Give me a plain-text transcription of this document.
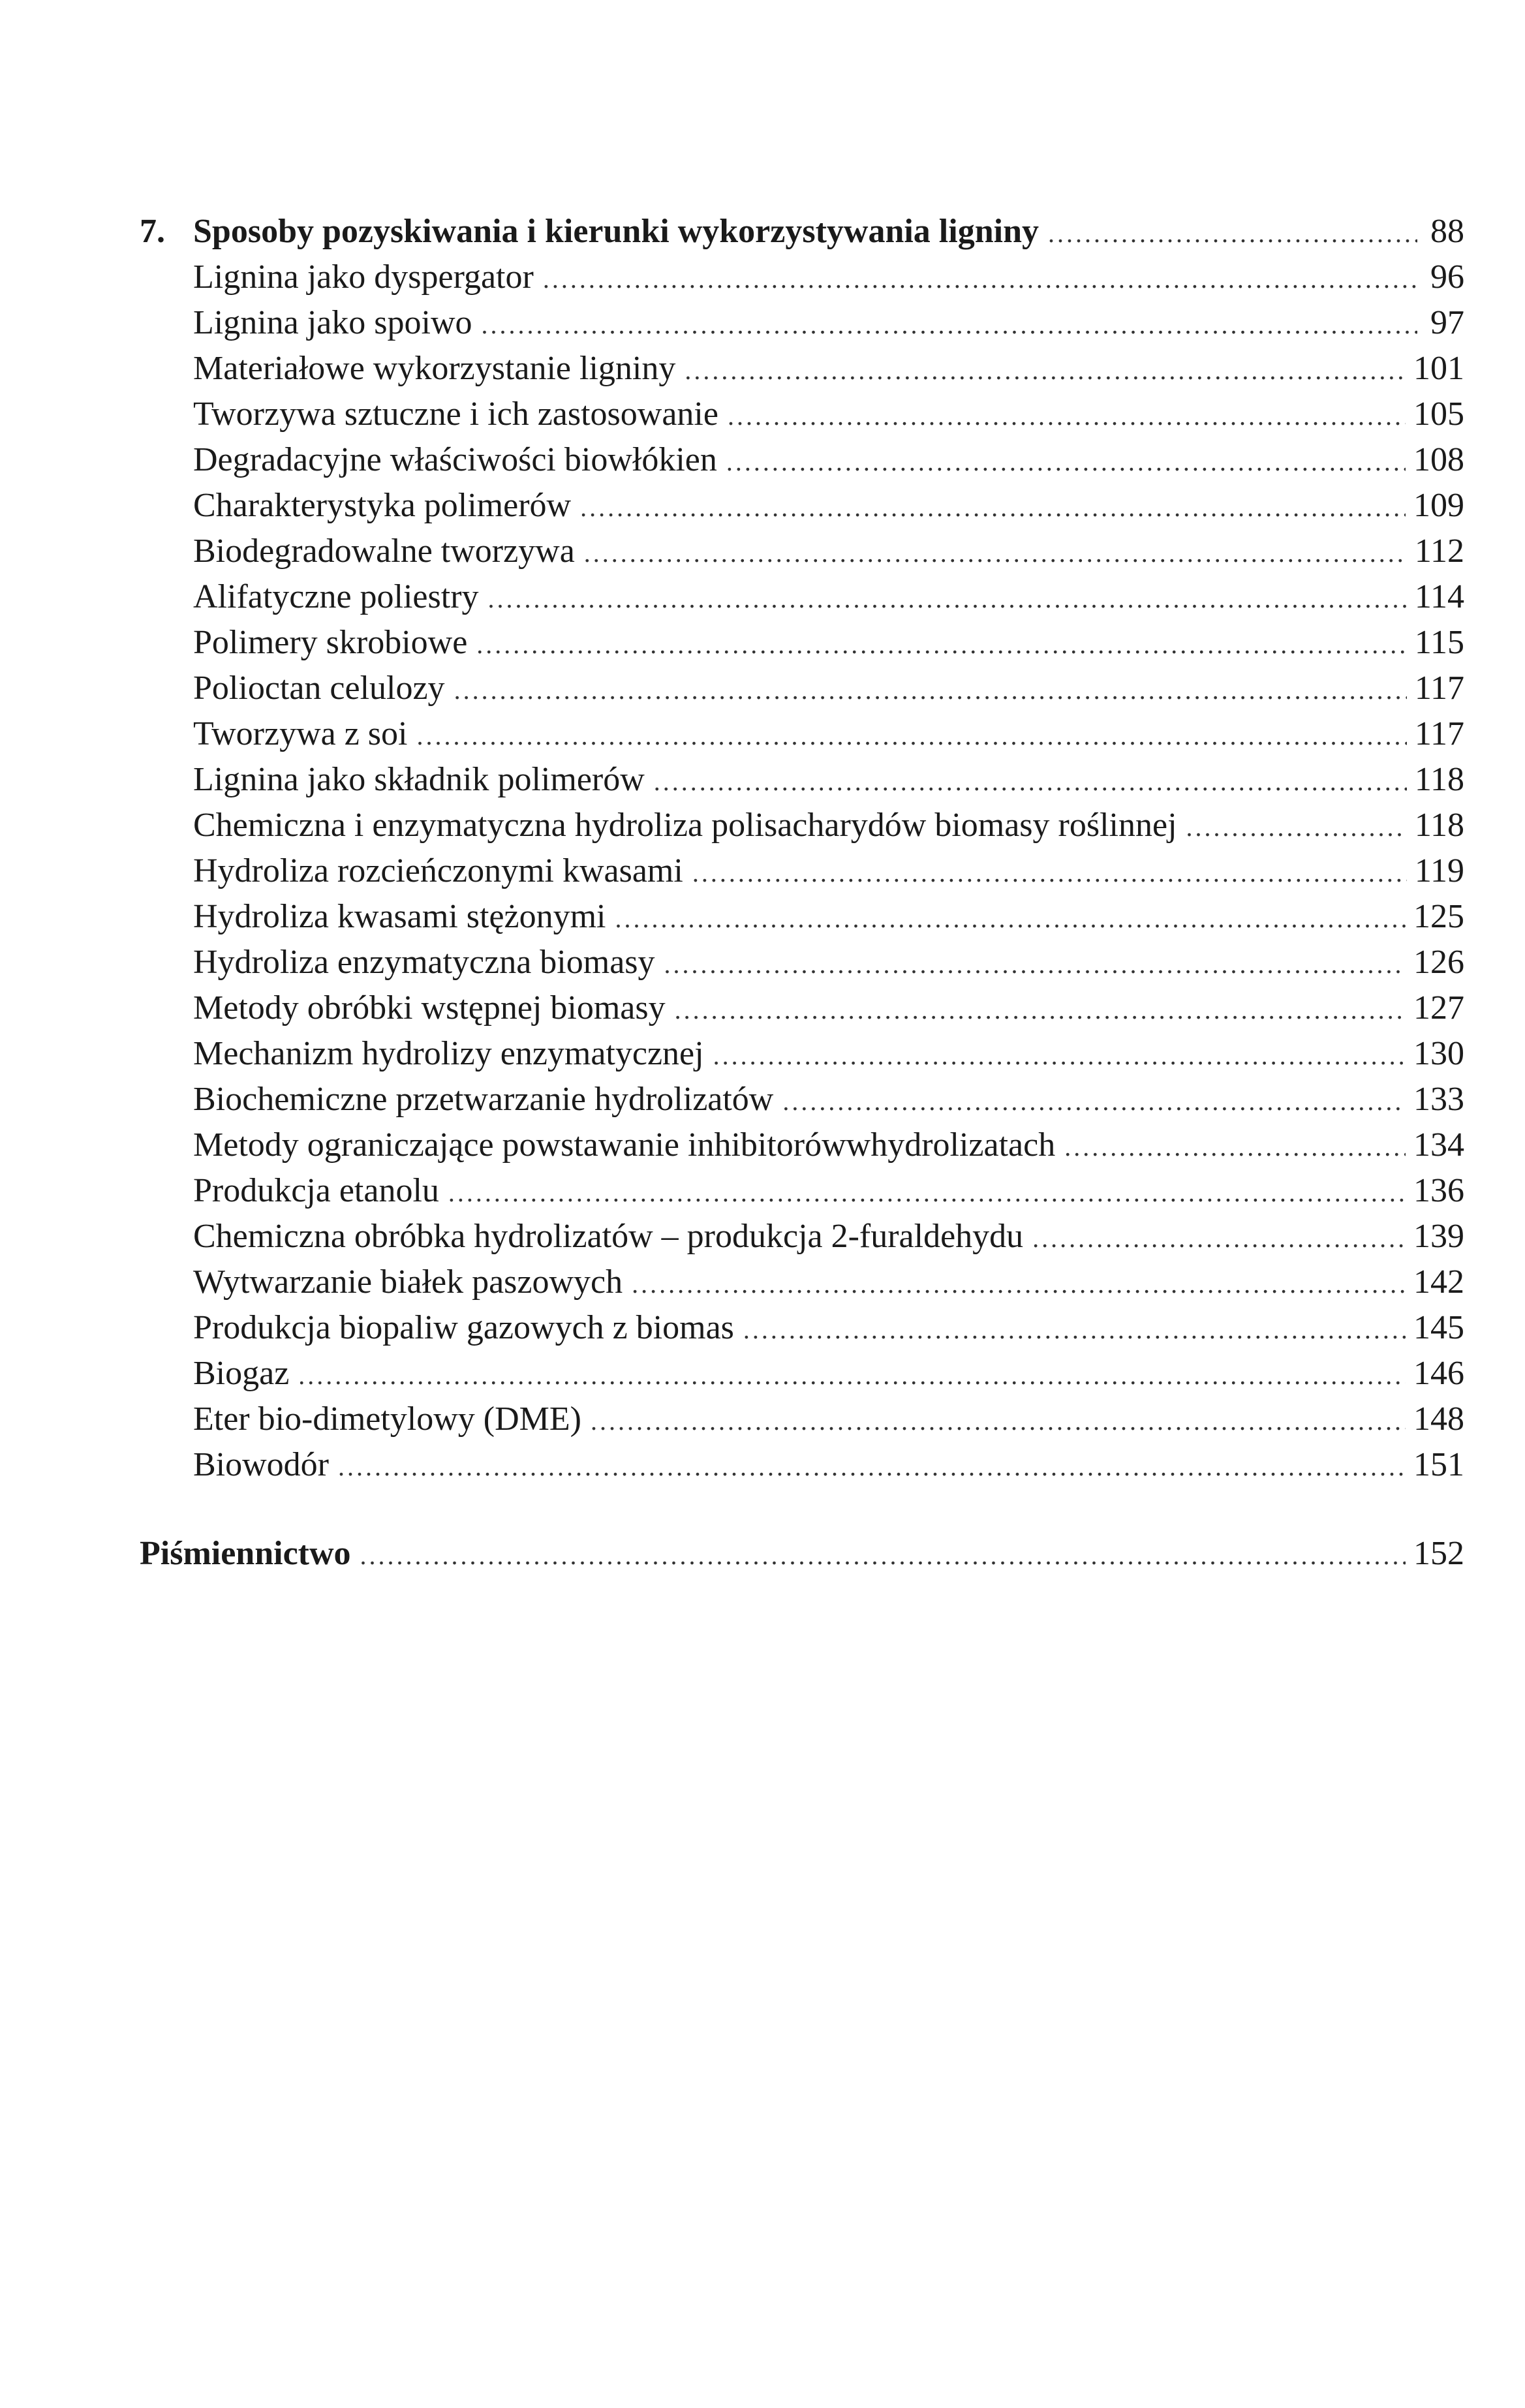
7. Sposoby pozyskiwania i kierunki wykorzystywania ligniny .....	88
Lignina jako dyspergator .....	96
Lignina jako spoiwo .....	97
Materiałowe wykorzystanie ligniny .....	101
Tworzywa sztuczne i ich zastosowanie .....	105
Degradacyjne właściwości biowłókien .....	108
Charakterystyka polimerów .....	109
Biodegradowalne tworzywa .....	112
Alifatyczne poliestry .....	114
Polimery skrobiowe .....	115
Polioctan celulozy .....	117
Tworzywa z soi .....	117
Lignina jako składnik polimerów .....	118
Chemiczna i enzymatyczna hydroliza polisacharydów biomasy roślinnej .....	118
Hydroliza rozcieńczonymi kwasami .....	119
Hydroliza kwasami stężonymi .....	125
Hydroliza enzymatyczna biomasy .....	126
Metody obróbki wstępnej biomasy .....	127
Mechanizm hydrolizy enzymatycznej .....	130
Biochemiczne przetwarzanie hydrolizatów .....	133
Metody ograniczające powstawanie inhibitorówwhydrolizatach .....	134
Produkcja etanolu .....	136
Chemiczna obróbka hydrolizatów – produkcja 2-furaldehydu .....	139
Wytwarzanie białek paszowych .....	142
Produkcja biopaliw gazowych z biomas .....	145
Biogaz .....	146
Eter bio-dimetylowy (DME) .....	148
Biowodór .....	151
Piśmiennictwo .....	152
